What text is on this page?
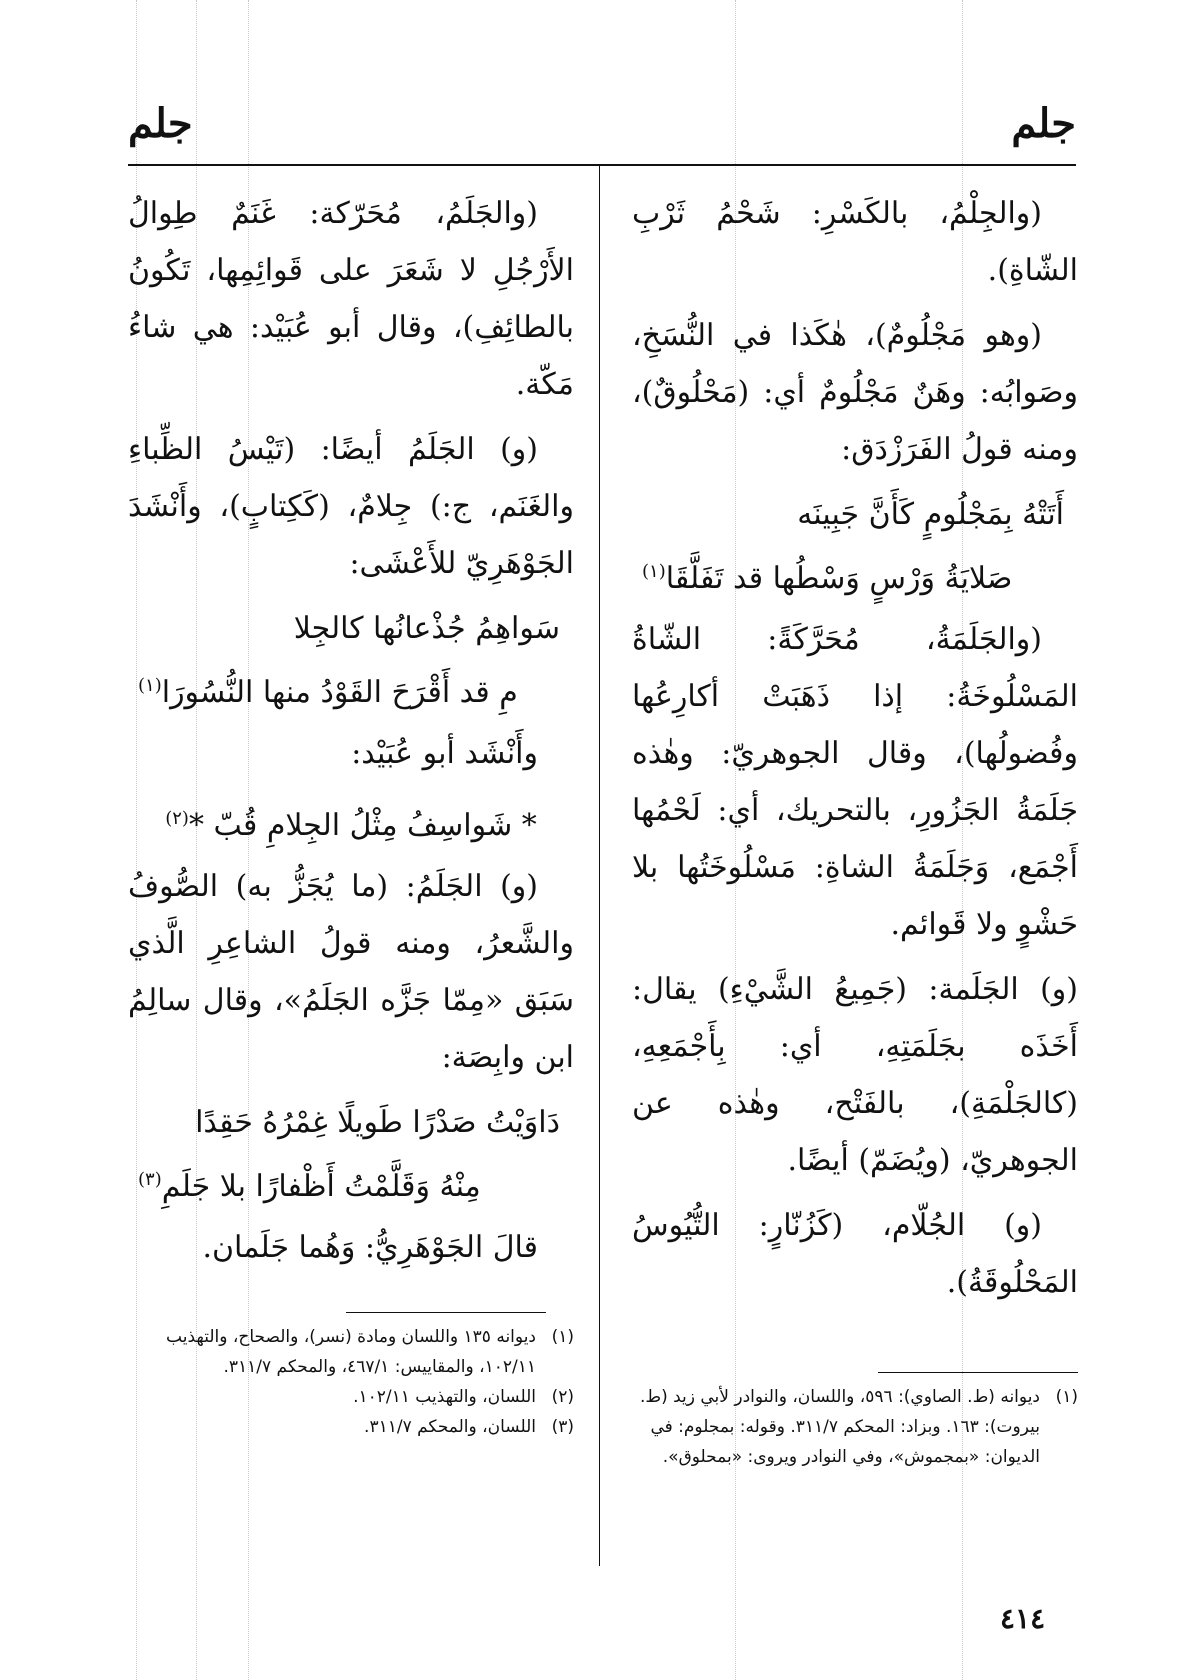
جلم
جلم

(والجِلْمُ، بالكَسْرِ: شَحْمُ ثَرْبِ الشّاةِ).

(وهو مَجْلُومٌ)، هٰكَذا في النُّسَخِ، وصَوابُه: وهَنٌ مَجْلُومٌ أي: (مَحْلُوقٌ)، ومنه قولُ الفَرَزْدَق:

أَتَتْهُ بِمَجْلُومٍ كَأَنَّ جَبِينَه
صَلايَةُ وَرْسٍ وَسْطُها قد تَفَلَّقَا$^{(١)}$

(والجَلَمَةُ، مُحَرَّكَةً: الشّاةُ المَسْلُوخَةُ: إذا ذَهَبَتْ أكارِعُها وفُضولُها)، وقال الجوهريّ: وهٰذه جَلَمَةُ الجَزُورِ، بالتحريك، أي: لَحْمُها أَجْمَع، وَجَلَمَةُ الشاةِ: مَسْلُوخَتُها بلا حَشْوٍ ولا قَوائم.

(و) الجَلَمة: (جَمِيعُ الشَّيْءِ) يقال: أَخَذَه بجَلَمَتِهِ، أي: بِأَجْمَعِهِ، (كالجَلْمَةِ)، بالفَتْح، وهٰذه عن الجوهريّ، (ويُضَمّ) أيضًا.

(و) الجُلّام، (كَزُنّارٍ: التُّيُوسُ المَحْلُوقَةُ).

(والجَلَمُ، مُحَرّكة: غَنَمٌ طِوالُ الأَرْجُلِ لا شَعَرَ على قَوائِمِها، تَكُونُ بالطائِفِ)، وقال أبو عُبَيْد: هي شاءُ مَكّة.

(و) الجَلَمُ أيضًا: (تَيْسُ الظِّباءِ والغَنَم، ج:) جِلامٌ، (كَكِتابٍ)، وأَنْشَدَ الجَوْهَرِيّ للأَعْشَى:

سَواهِمُ جُذْعانُها كالجِلا
مِ قد أَقْرَحَ القَوْدُ منها النُّسُورَا$^{(١)}$

وأَنْشَد أبو عُبَيْد:

* شَواسِفُ مِثْلُ الجِلامِ قُبّ *$^{(٢)}$

(و) الجَلَمُ: (ما يُجَزُّ به) الصُّوفُ والشَّعرُ، ومنه قولُ الشاعِرِ الَّذي سَبَق «مِمّا جَزَّه الجَلَمُ»، وقال سالِمُ ابن وابِصَة:

دَاوَيْتُ صَدْرًا طَويلًا غِمْرُهُ حَقِدًا
مِنْهُ وَقَلَّمْتُ أَظْفارًا بلا جَلَمِ$^{(٣)}$

قالَ الجَوْهَرِيُّ: وَهُما جَلَمان.

(١)ديوانه (ط. الصاوي): ٥٩٦، واللسان، والنوادر لأبي زيد (ط. بيروت): ١٦٣. وبزاد: المحكم ٣١١/٧. وقوله: بمجلوم: في الديوان: «بمجموش»، وفي النوادر ويروى: «بمحلوق».

(١)ديوانه ١٣٥ واللسان ومادة (نسر)، والصحاح، والتهذيب ١٠٢/١١، والمقاييس: ٤٦٧/١، والمحكم ٣١١/٧.

(٢)اللسان، والتهذيب ١٠٢/١١.

(٣)اللسان، والمحكم ٣١١/٧.

٤١٤
